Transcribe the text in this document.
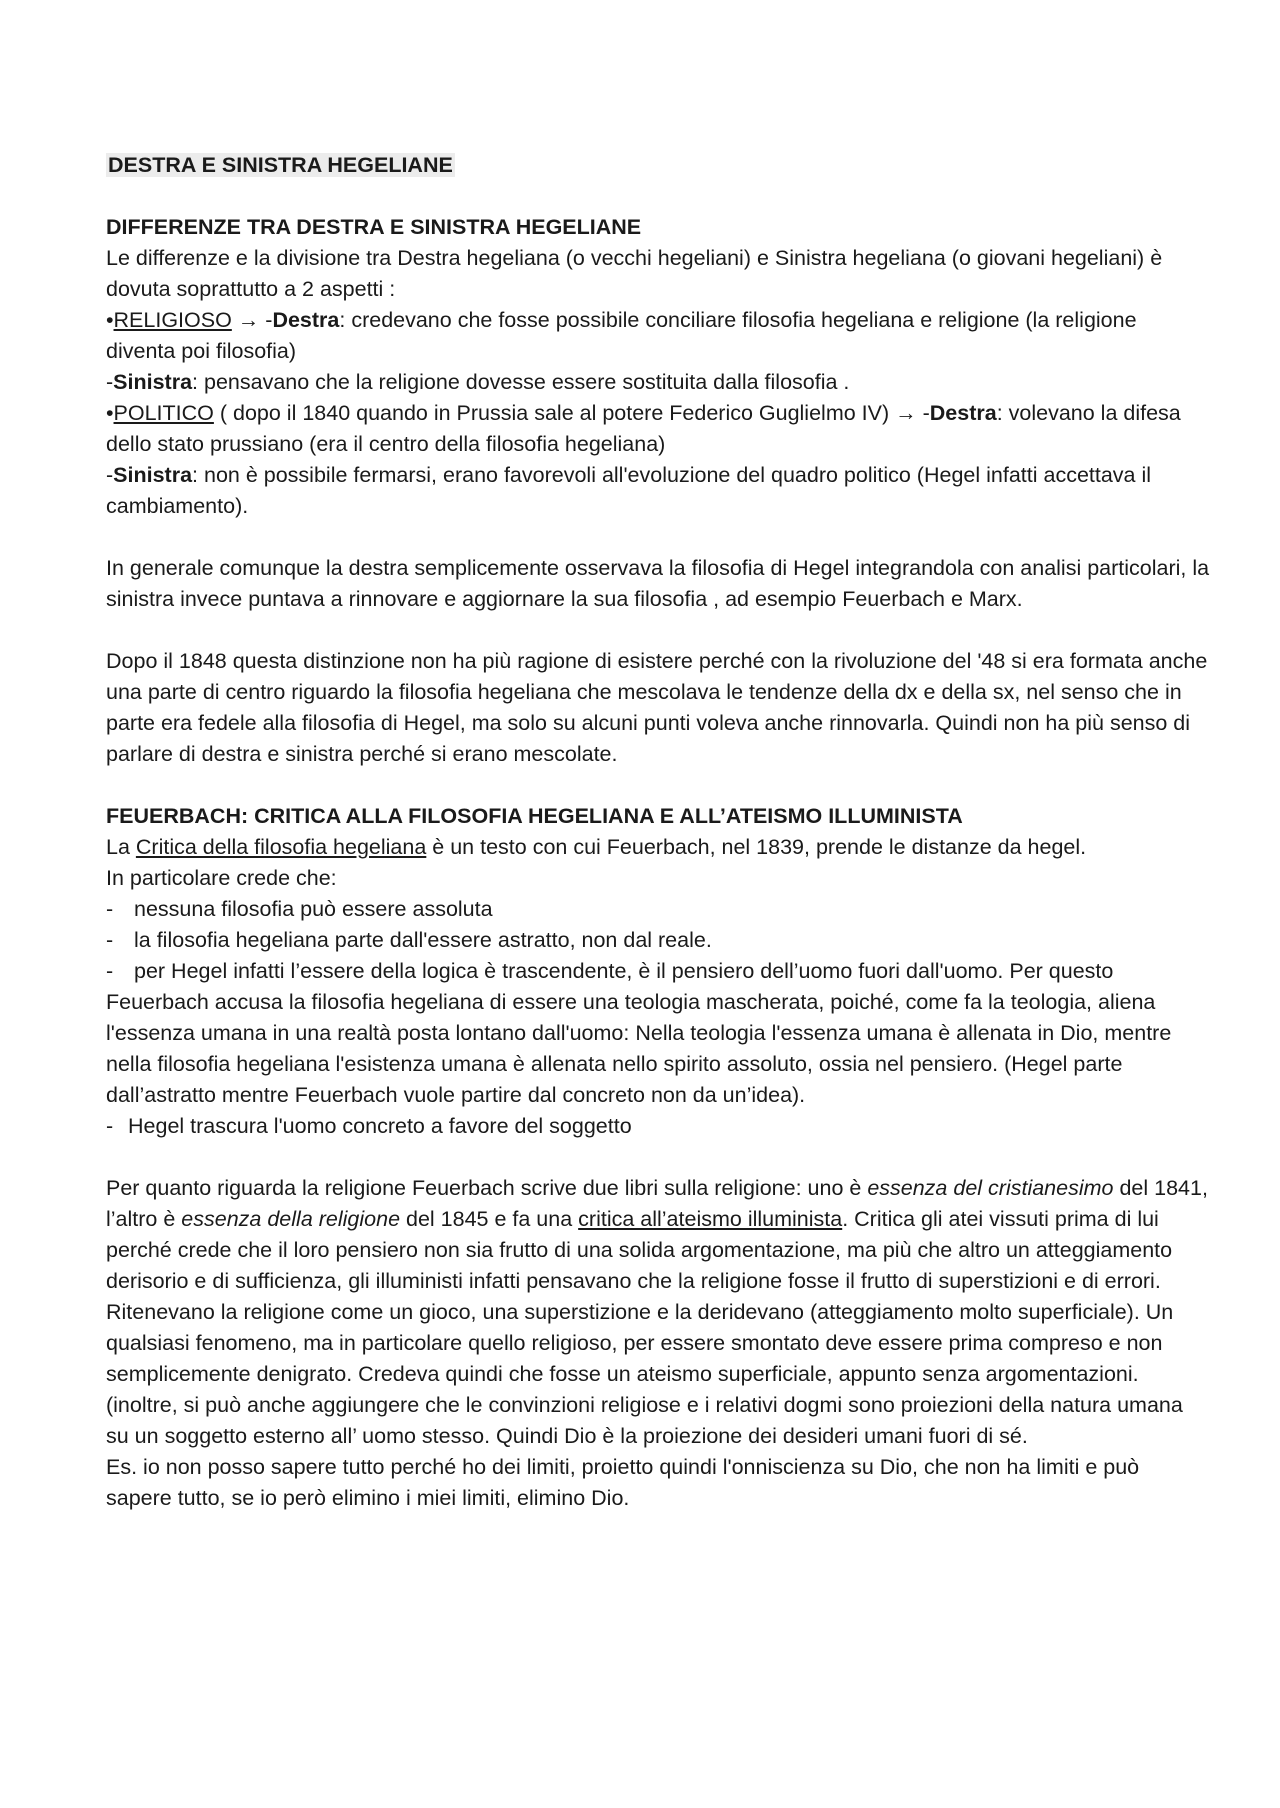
DESTRA E SINISTRA HEGELIANE

DIFFERENZE TRA DESTRA E SINISTRA HEGELIANE

Le differenze e la divisione tra Destra hegeliana (o vecchi hegeliani) e Sinistra hegeliana (o giovani hegeliani) è dovuta soprattutto a 2 aspetti :

•RELIGIOSO → -Destra: credevano che fosse possibile conciliare filosofia hegeliana e religione (la religione diventa poi filosofia)

-Sinistra: pensavano che la religione dovesse essere sostituita dalla filosofia .

•POLITICO ( dopo il 1840 quando in Prussia sale al potere Federico Guglielmo IV) → -Destra: volevano la difesa dello stato prussiano (era il centro della filosofia hegeliana)

-Sinistra: non è possibile fermarsi, erano favorevoli all'evoluzione del quadro politico (Hegel infatti accettava il cambiamento).

In generale comunque la destra semplicemente osservava la filosofia di Hegel integrandola con analisi particolari, la sinistra invece puntava a rinnovare e aggiornare la sua filosofia , ad esempio Feuerbach e Marx.

Dopo il 1848 questa distinzione non ha più ragione di esistere perché con la rivoluzione del '48 si era formata anche una parte di centro riguardo la filosofia hegeliana che mescolava le tendenze della dx e della sx, nel senso che in parte era fedele alla filosofia di Hegel, ma solo su alcuni punti voleva anche rinnovarla. Quindi non ha più senso di parlare di destra e sinistra perché si erano mescolate.

FEUERBACH: CRITICA ALLA FILOSOFIA HEGELIANA E ALL’ATEISMO ILLUMINISTA

La Critica della filosofia hegeliana è un testo con cui Feuerbach, nel 1839, prende le distanze da hegel.

In particolare crede che:

- nessuna filosofia può essere assoluta

- la filosofia hegeliana parte dall'essere astratto, non dal reale.

- per Hegel infatti l’essere della logica è trascendente, è il pensiero dell’uomo fuori dall'uomo. Per questo Feuerbach accusa la filosofia hegeliana di essere una teologia mascherata, poiché, come fa la teologia, aliena l'essenza umana in una realtà posta lontano dall'uomo: Nella teologia l'essenza umana è allenata in Dio, mentre nella filosofia hegeliana l'esistenza umana è allenata nello spirito assoluto, ossia nel pensiero. (Hegel parte dall’astratto mentre Feuerbach vuole partire dal concreto non da un’idea).

- Hegel trascura l'uomo concreto a favore del soggetto

Per quanto riguarda la religione Feuerbach scrive due libri sulla religione: uno è essenza del cristianesimo del 1841, l’altro è essenza della religione del 1845 e fa una critica all’ateismo illuminista. Critica gli atei vissuti prima di lui perché crede che il loro pensiero non sia frutto di una solida argomentazione, ma più che altro un atteggiamento derisorio e di sufficienza, gli illuministi infatti pensavano che la religione fosse il frutto di superstizioni e di errori. Ritenevano la religione come un gioco, una superstizione e la deridevano (atteggiamento molto superficiale). Un qualsiasi fenomeno, ma in particolare quello religioso, per essere smontato deve essere prima compreso e non semplicemente denigrato. Credeva quindi che fosse un ateismo superficiale, appunto senza argomentazioni.

(inoltre, si può anche aggiungere che le convinzioni religiose e i relativi dogmi sono proiezioni della natura umana su un soggetto esterno all’ uomo stesso. Quindi Dio è la proiezione dei desideri umani fuori di sé.

Es. io non posso sapere tutto perché ho dei limiti, proietto quindi l'onniscienza su Dio, che non ha limiti e può sapere tutto, se io però elimino i miei limiti, elimino Dio.
